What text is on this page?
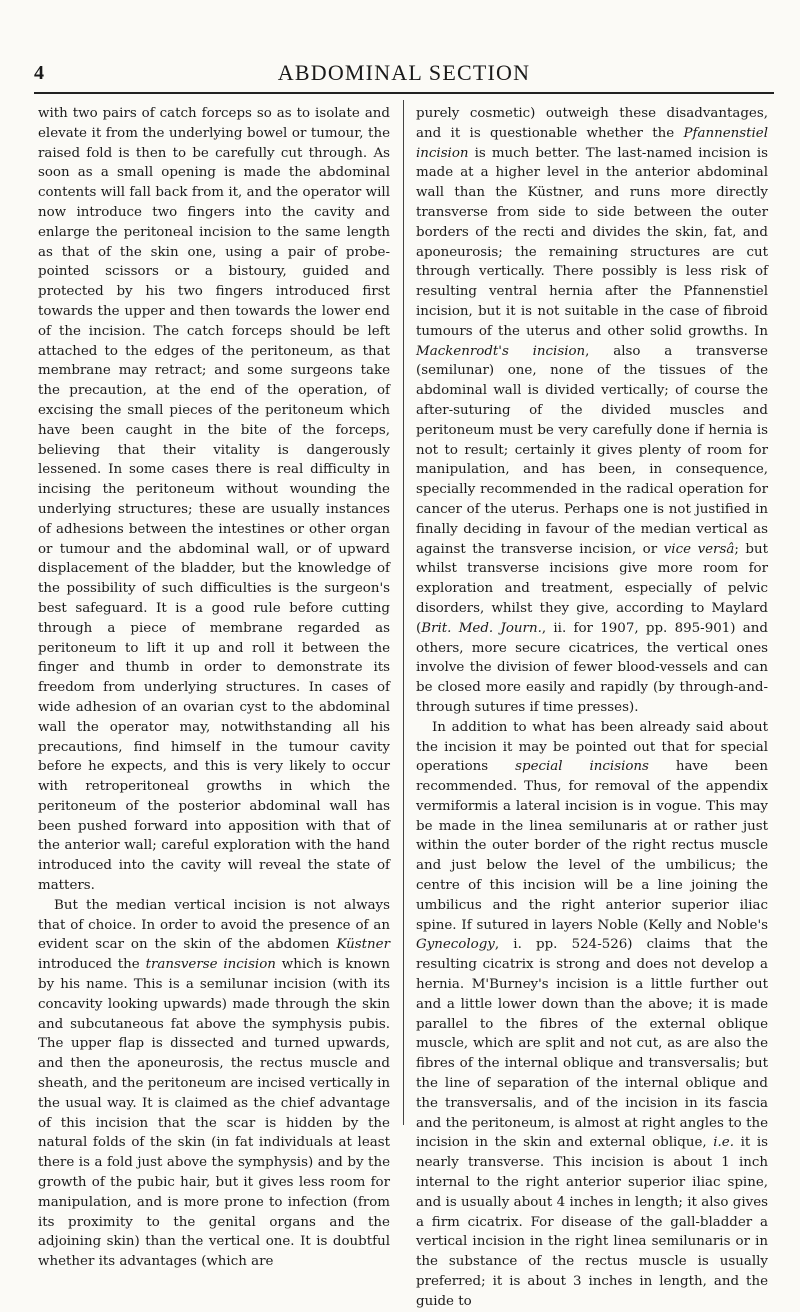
4	ABDOMINAL SECTION

with two pairs of catch forceps so as to isolate and elevate it from the underlying bowel or tumour, the raised fold is then to be carefully cut through. As soon as a small opening is made the abdominal contents will fall back from it, and the operator will now introduce two fingers into the cavity and enlarge the peritoneal incision to the same length as that of the skin one, using a pair of probe-pointed scissors or a bistoury, guided and protected by his two fingers introduced first towards the upper and then towards the lower end of the incision. The catch forceps should be left attached to the edges of the peritoneum, as that membrane may retract; and some surgeons take the precaution, at the end of the operation, of excising the small pieces of the peritoneum which have been caught in the bite of the forceps, believing that their vitality is dangerously lessened. In some cases there is real difficulty in incising the peritoneum without wounding the underlying structures; these are usually instances of adhesions between the intestines or other organ or tumour and the abdominal wall, or of upward displacement of the bladder, but the knowledge of the possibility of such difficulties is the surgeon's best safeguard. It is a good rule before cutting through a piece of membrane regarded as peritoneum to lift it up and roll it between the finger and thumb in order to demonstrate its freedom from underlying structures. In cases of wide adhesion of an ovarian cyst to the abdominal wall the operator may, notwithstanding all his precautions, find himself in the tumour cavity before he expects, and this is very likely to occur with retroperitoneal growths in which the peritoneum of the posterior abdominal wall has been pushed forward into apposition with that of the anterior wall; careful exploration with the hand introduced into the cavity will reveal the state of matters.

But the median vertical incision is not always that of choice. In order to avoid the presence of an evident scar on the skin of the abdomen Küstner introduced the transverse incision which is known by his name. This is a semilunar incision (with its concavity looking upwards) made through the skin and subcutaneous fat above the symphysis pubis. The upper flap is dissected and turned upwards, and then the aponeurosis, the rectus muscle and sheath, and the peritoneum are incised vertically in the usual way. It is claimed as the chief advantage of this incision that the scar is hidden by the natural folds of the skin (in fat individuals at least there is a fold just above the symphysis) and by the growth of the pubic hair, but it gives less room for manipulation, and is more prone to infection (from its proximity to the genital organs and the adjoining skin) than the vertical one. It is doubtful whether its advantages (which are

purely cosmetic) outweigh these disadvantages, and it is questionable whether the Pfannenstiel incision is much better. The last-named incision is made at a higher level in the anterior abdominal wall than the Küstner, and runs more directly transverse from side to side between the outer borders of the recti and divides the skin, fat, and aponeurosis; the remaining structures are cut through vertically. There possibly is less risk of resulting ventral hernia after the Pfannenstiel incision, but it is not suitable in the case of fibroid tumours of the uterus and other solid growths. In Mackenrodt's incision, also a transverse (semilunar) one, none of the tissues of the abdominal wall is divided vertically; of course the after-suturing of the divided muscles and peritoneum must be very carefully done if hernia is not to result; certainly it gives plenty of room for manipulation, and has been, in consequence, specially recommended in the radical operation for cancer of the uterus. Perhaps one is not justified in finally deciding in favour of the median vertical as against the transverse incision, or vice versâ; but whilst transverse incisions give more room for exploration and treatment, especially of pelvic disorders, whilst they give, according to Maylard (Brit. Med. Journ., ii. for 1907, pp. 895-901) and others, more secure cicatrices, the vertical ones involve the division of fewer blood-vessels and can be closed more easily and rapidly (by through-and-through sutures if time presses).

In addition to what has been already said about the incision it may be pointed out that for special operations special incisions have been recommended. Thus, for removal of the appendix vermiformis a lateral incision is in vogue. This may be made in the linea semilunaris at or rather just within the outer border of the right rectus muscle and just below the level of the umbilicus; the centre of this incision will be a line joining the umbilicus and the right anterior superior iliac spine. If sutured in layers Noble (Kelly and Noble's Gynecology, i. pp. 524-526) claims that the resulting cicatrix is strong and does not develop a hernia. M'Burney's incision is a little further out and a little lower down than the above; it is made parallel to the fibres of the external oblique muscle, which are split and not cut, as are also the fibres of the internal oblique and transversalis; but the line of separation of the internal oblique and the transversalis, and of the incision in its fascia and the peritoneum, is almost at right angles to the incision in the skin and external oblique, i.e. it is nearly transverse. This incision is about 1 inch internal to the right anterior superior iliac spine, and is usually about 4 inches in length; it also gives a firm cicatrix. For disease of the gall-bladder a vertical incision in the right linea semilunaris or in the substance of the rectus muscle is usually preferred; it is about 3 inches in length, and the guide to
